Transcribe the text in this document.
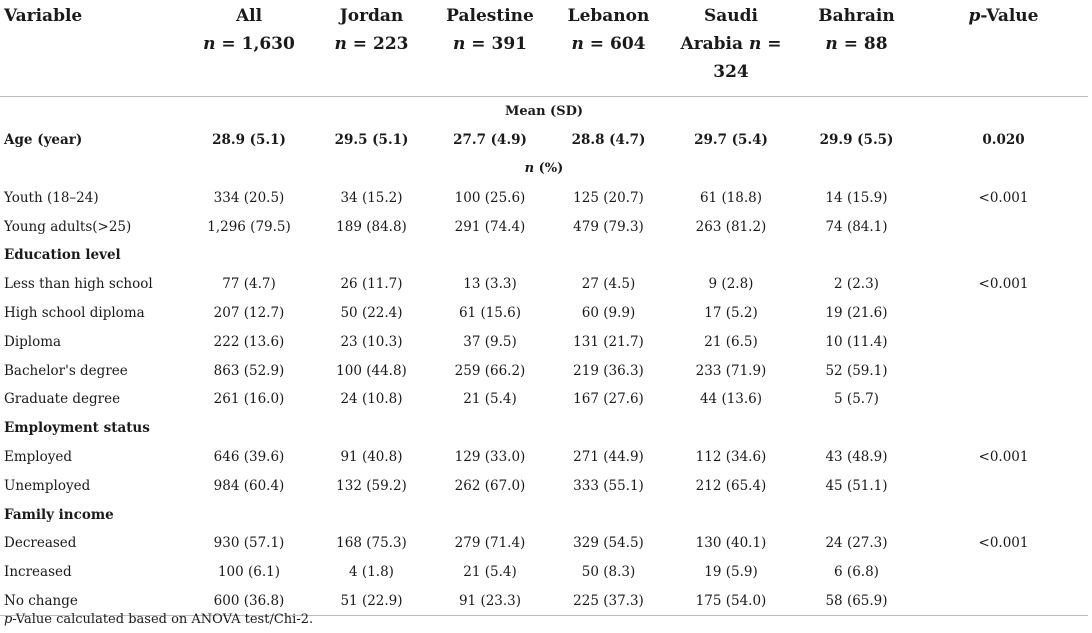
Variable	All	Jordan	Palestine	Lebanon	Saudi	Bahrain	p-Value
	n = 1,630	n = 223	n = 391	n = 604	Arabia n = 324	n = 88	
Mean (SD)							
Age (year)	28.9 (5.1)	29.5 (5.1)	27.7 (4.9)	28.8 (4.7)	29.7 (5.4)	29.9 (5.5)	0.020
n (%)							
Youth (18–24)	334 (20.5)	34 (15.2)	100 (25.6)	125 (20.7)	61 (18.8)	14 (15.9)	<0.001
Young adults(>25)	1,296 (79.5)	189 (84.8)	291 (74.4)	479 (79.3)	263 (81.2)	74 (84.1)	
Education level							
Less than high school	77 (4.7)	26 (11.7)	13 (3.3)	27 (4.5)	9 (2.8)	2 (2.3)	<0.001
High school diploma	207 (12.7)	50 (22.4)	61 (15.6)	60 (9.9)	17 (5.2)	19 (21.6)	
Diploma	222 (13.6)	23 (10.3)	37 (9.5)	131 (21.7)	21 (6.5)	10 (11.4)	
Bachelor's degree	863 (52.9)	100 (44.8)	259 (66.2)	219 (36.3)	233 (71.9)	52 (59.1)	
Graduate degree	261 (16.0)	24 (10.8)	21 (5.4)	167 (27.6)	44 (13.6)	5 (5.7)	
Employment status							
Employed	646 (39.6)	91 (40.8)	129 (33.0)	271 (44.9)	112 (34.6)	43 (48.9)	<0.001
Unemployed	984 (60.4)	132 (59.2)	262 (67.0)	333 (55.1)	212 (65.4)	45 (51.1)	
Family income							
Decreased	930 (57.1)	168 (75.3)	279 (71.4)	329 (54.5)	130 (40.1)	24 (27.3)	<0.001
Increased	100 (6.1)	4 (1.8)	21 (5.4)	50 (8.3)	19 (5.9)	6 (6.8)	
No change	600 (36.8)	51 (22.9)	91 (23.3)	225 (37.3)	175 (54.0)	58 (65.9)	
p-Value calculated based on ANOVA test/Chi-2.
